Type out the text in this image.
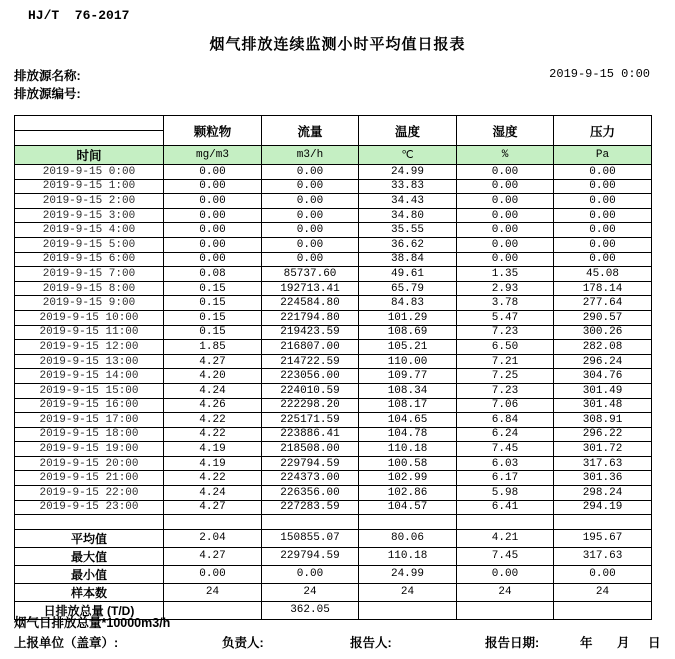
HJ/T  76-2017
烟气排放连续监测小时平均值日报表
排放源名称:	2019-9-15 0:00
排放源编号:
	颗粒物	流量	温度	湿度	压力

时间	mg/m3	m3/h	℃	%	Pa
2019-9-15 0:00	0.00	0.00	24.99	0.00	0.00
2019-9-15 1:00	0.00	0.00	33.83	0.00	0.00
2019-9-15 2:00	0.00	0.00	34.43	0.00	0.00
2019-9-15 3:00	0.00	0.00	34.80	0.00	0.00
2019-9-15 4:00	0.00	0.00	35.55	0.00	0.00
2019-9-15 5:00	0.00	0.00	36.62	0.00	0.00
2019-9-15 6:00	0.00	0.00	38.84	0.00	0.00
2019-9-15 7:00	0.08	85737.60	49.61	1.35	45.08
2019-9-15 8:00	0.15	192713.41	65.79	2.93	178.14
2019-9-15 9:00	0.15	224584.80	84.83	3.78	277.64
2019-9-15 10:00	0.15	221794.80	101.29	5.47	290.57
2019-9-15 11:00	0.15	219423.59	108.69	7.23	300.26
2019-9-15 12:00	1.85	216807.00	105.21	6.50	282.08
2019-9-15 13:00	4.27	214722.59	110.00	7.21	296.24
2019-9-15 14:00	4.20	223056.00	109.77	7.25	304.76
2019-9-15 15:00	4.24	224010.59	108.34	7.23	301.49
2019-9-15 16:00	4.26	222298.20	108.17	7.06	301.48
2019-9-15 17:00	4.22	225171.59	104.65	6.84	308.91
2019-9-15 18:00	4.22	223886.41	104.78	6.24	296.22
2019-9-15 19:00	4.19	218508.00	110.18	7.45	301.72
2019-9-15 20:00	4.19	229794.59	100.58	6.03	317.63
2019-9-15 21:00	4.22	224373.00	102.99	6.17	301.36
2019-9-15 22:00	4.24	226356.00	102.86	5.98	298.24
2019-9-15 23:00	4.27	227283.59	104.57	6.41	294.19

平均值	2.04	150855.07	80.06	4.21	195.67
最大值	4.27	229794.59	110.18	7.45	317.63
最小值	0.00	0.00	24.99	0.00	0.00
样本数	24	24	24	24	24
日排放总量 (T/D)		362.05			
烟气日排放总量*10000m3/h
上报单位（盖章）:	负责人:	报告人:	报告日期:	年 月 日
